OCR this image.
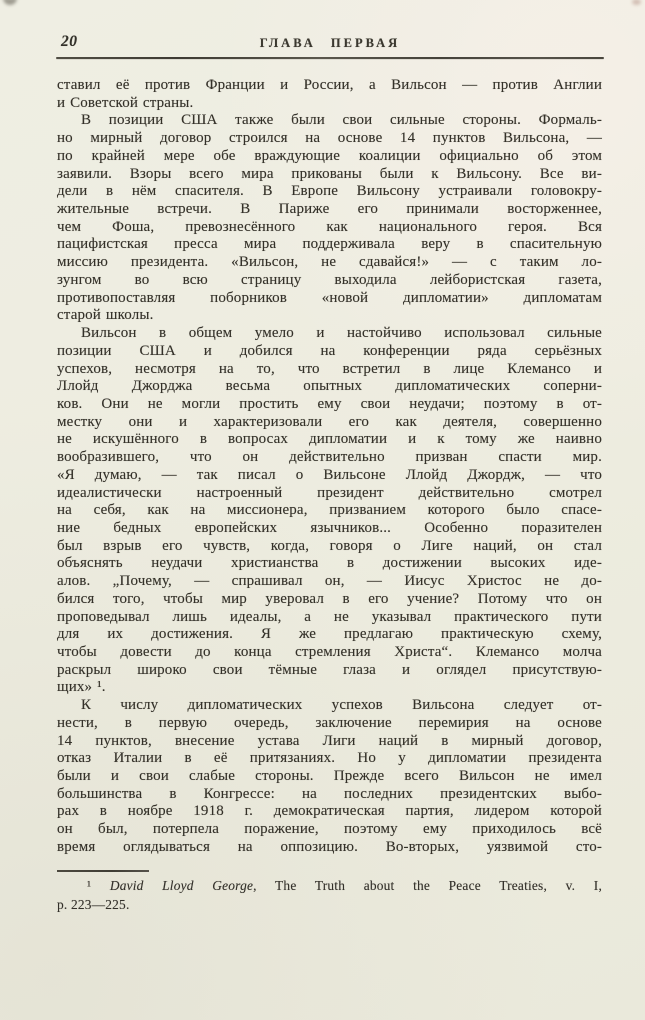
20	ГЛАВА ПЕРВАЯ
ставил её против Франции и России, а Вильсон — против Англии
и Советской страны.
В позиции США также были свои сильные стороны. Формаль-
но мирный договор строился на основе 14 пунктов Вильсона, —
по крайней мере обе враждующие коалиции официально об этом
заявили. Взоры всего мира прикованы были к Вильсону. Все ви-
дели в нём спасителя. В Европе Вильсону устраивали головокру-
жительные встречи. В Париже его принимали восторженнее,
чем Фоша, превознесённого как национального героя. Вся
пацифистская пресса мира поддерживала веру в спасительную
миссию президента. «Вильсон, не сдавайся!» — с таким ло-
зунгом во всю страницу выходила лейбористская газета,
противопоставляя поборников «новой дипломатии» дипломатам
старой школы.
Вильсон в общем умело и настойчиво использовал сильные
позиции США и добился на конференции ряда серьёзных
успехов, несмотря на то, что встретил в лице Клемансо и
Ллойд Джорджа весьма опытных дипломатических соперни-
ков. Они не могли простить ему свои неудачи; поэтому в от-
местку они и характеризовали его как деятеля, совершенно
не искушённого в вопросах дипломатии и к тому же наивно
вообразившего, что он действительно призван спасти мир.
«Я думаю, — так писал о Вильсоне Ллойд Джордж, — что
идеалистически настроенный президент действительно смотрел
на себя, как на миссионера, призванием которого было спасе-
ние бедных европейских язычников... Особенно поразителен
был взрыв его чувств, когда, говоря о Лиге наций, он стал
объяснять неудачи христианства в достижении высоких иде-
алов. „Почему, — спрашивал он, — Иисус Христос не до-
бился того, чтобы мир уверовал в его учение? Потому что он
проповедывал лишь идеалы, а не указывал практического пути
для их достижения. Я же предлагаю практическую схему,
чтобы довести до конца стремления Христа“. Клемансо молча
раскрыл широко свои тёмные глаза и оглядел присутствую-
щих» ¹.
К числу дипломатических успехов Вильсона следует от-
нести, в первую очередь, заключение перемирия на основе
14 пунктов, внесение устава Лиги наций в мирный договор,
отказ Италии в её притязаниях. Но у дипломатии президента
были и свои слабые стороны. Прежде всего Вильсон не имел
большинства в Конгрессе: на последних президентских выбо-
рах в ноябре 1918 г. демократическая партия, лидером которой
он был, потерпела поражение, поэтому ему приходилось всё
время оглядываться на оппозицию. Во-вторых, уязвимой сто-
¹ David Lloyd George, The Truth about the Peace Treaties, v. I,
p. 223—225.
